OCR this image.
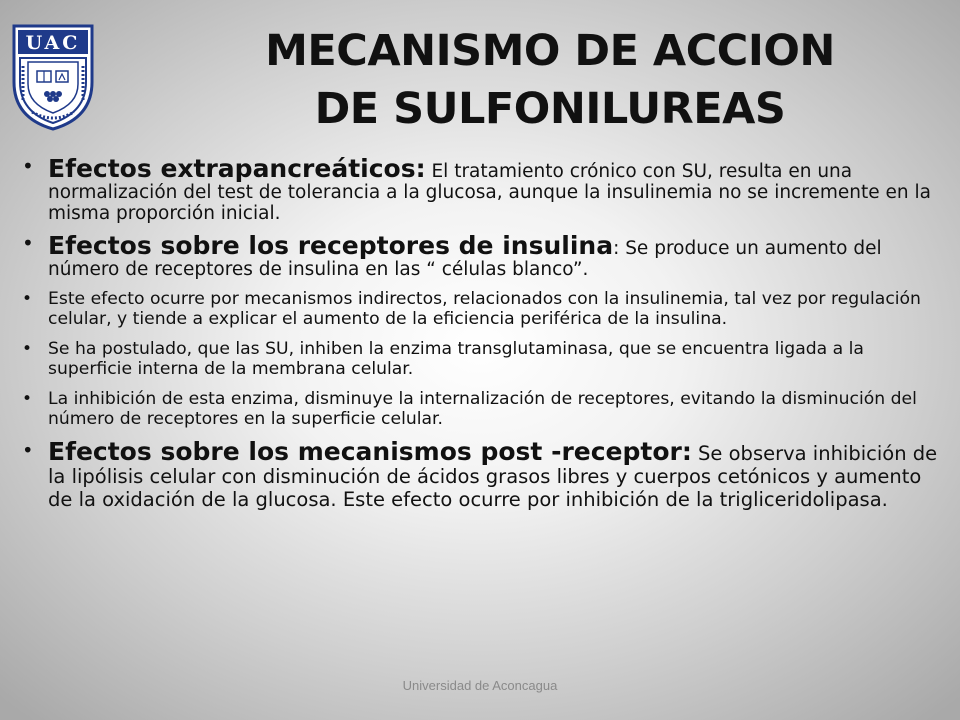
UAC	MECANISMO DE ACCION
DE SULFONILUREAS
• Efectos extrapancreáticos: El tratamiento crónico con SU, resulta en una normalización del test de tolerancia a la glucosa, aunque la insulinemia no se incremente en la misma proporción inicial.
• Efectos sobre los receptores de insulina: Se produce un aumento del número de receptores de insulina en las “ células blanco”.
• Este efecto ocurre por mecanismos indirectos, relacionados con la insulinemia, tal vez por regulación celular, y tiende a explicar el aumento de la eficiencia periférica de la insulina.
• Se ha postulado, que las SU, inhiben la enzima transglutaminasa, que se encuentra ligada a la superficie interna de la membrana celular.
• La inhibición de esta enzima, disminuye la internalización de receptores, evitando la disminución del número de receptores en la superficie celular.
• Efectos sobre los mecanismos post -receptor: Se observa inhibición de la lipólisis celular con disminución de ácidos grasos libres y cuerpos cetónicos y aumento de la oxidación de la glucosa. Este efecto ocurre por inhibición de la trigliceridolipasa.
Universidad de Aconcagua
